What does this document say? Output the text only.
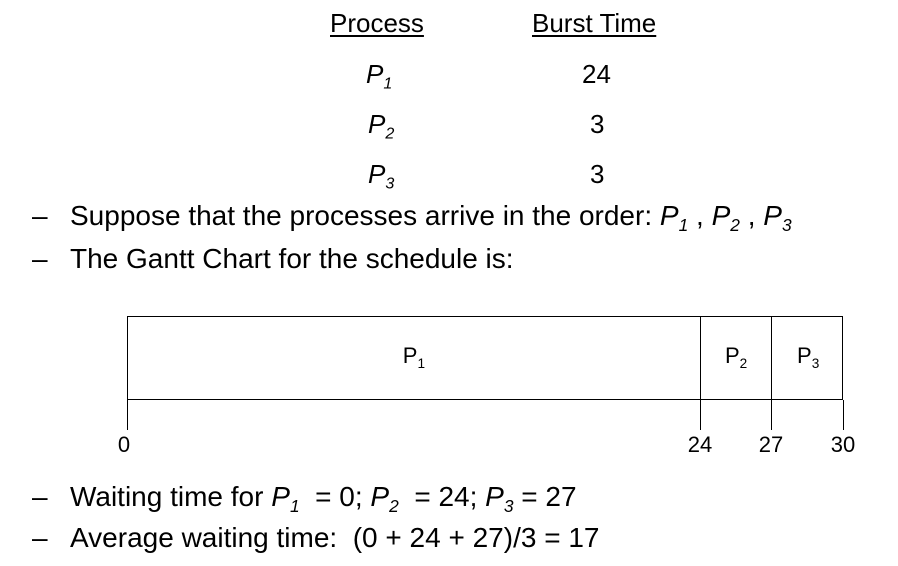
Process	Burst Time
$P_1$	24
$P_2$	3
$P_3$	3
– Suppose that the processes arrive in the order: $P_1$ , $P_2$ , $P_3$
– The Gantt Chart for the schedule is:
$P_1$	$P_2$ $P_3$
0	24 27 30
– Waiting time for $P_1 = 0$; $P_2 = 24$; $P_3 = 27$
– Average waiting time:  (0 + 24 + 27)/3 = 17
